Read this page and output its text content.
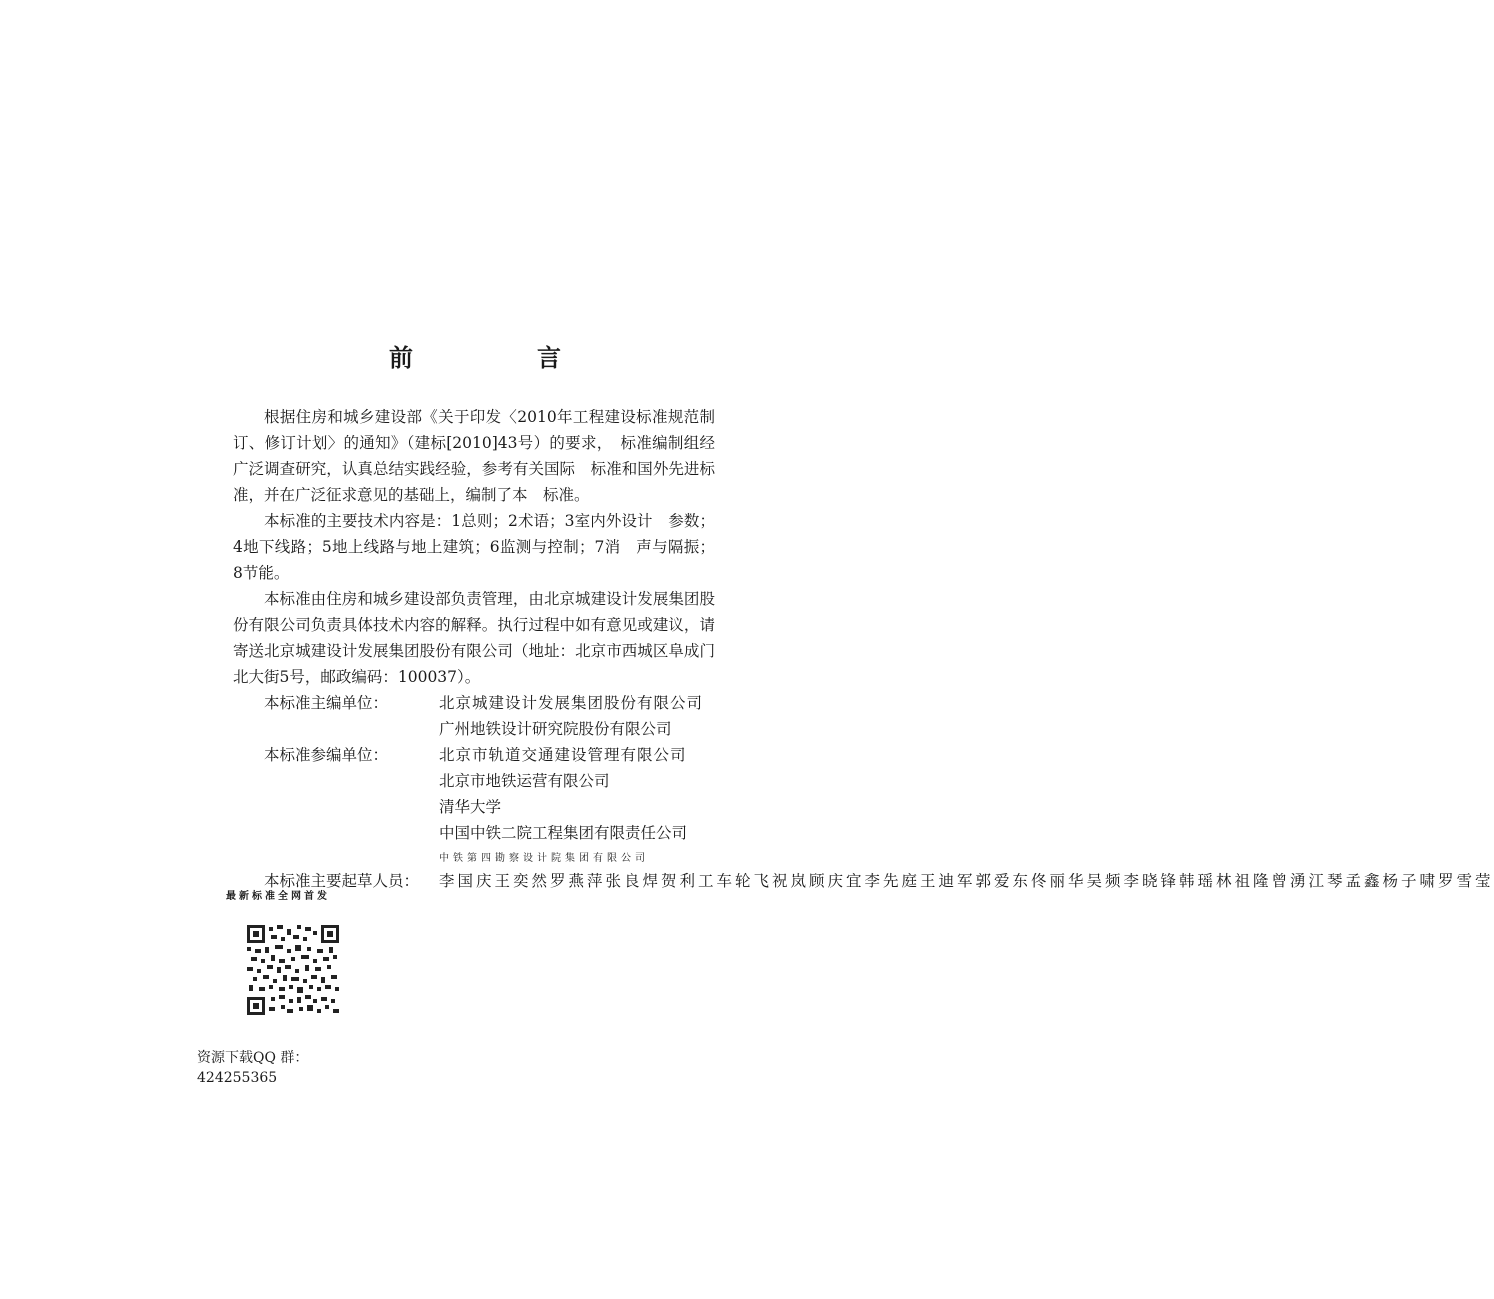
前　言

根据住房和城乡建设部《关于印发〈2010年工程建设标准规范制订、修订计划〉的通知》（建标[2010]43号）的要求，　标准编制组经广泛调查研究，认真总结实践经验，参考有关国际　标准和国外先进标准，并在广泛征求意见的基础上，编制了本　标准。

本标准的主要技术内容是：1总则；2术语；3室内外设计　参数；4地下线路；5地上线路与地上建筑；6监测与控制；7消　声与隔振；8节能。

本标准由住房和城乡建设部负责管理，由北京城建设计发展集团股份有限公司负责具体技术内容的解释。执行过程中如有意见或建议，请寄送北京城建设计发展集团股份有限公司（地址：北京市西城区阜成门北大街5号，邮政编码：100037）。

本标准主编单位：	北京城建设计发展集团股份有限公司
广州地铁设计研究院股份有限公司
本标准参编单位：	北京市轨道交通建设管理有限公司
北京市地铁运营有限公司
清华大学
中国中铁二院工程集团有限责任公司
中铁第四勘察设计院集团有限公司
本标准主要起草人员： 李国庆王奕然罗燕萍张良焊贺利工车轮飞祝岚顾庆宜李先庭王迪军郭爱东佟丽华吴频李晓锋韩瑶林祖隆曾湧江琴孟鑫杨子啸罗雪莹
最新标准全网首发
资源下载QQ 群：
424255365
